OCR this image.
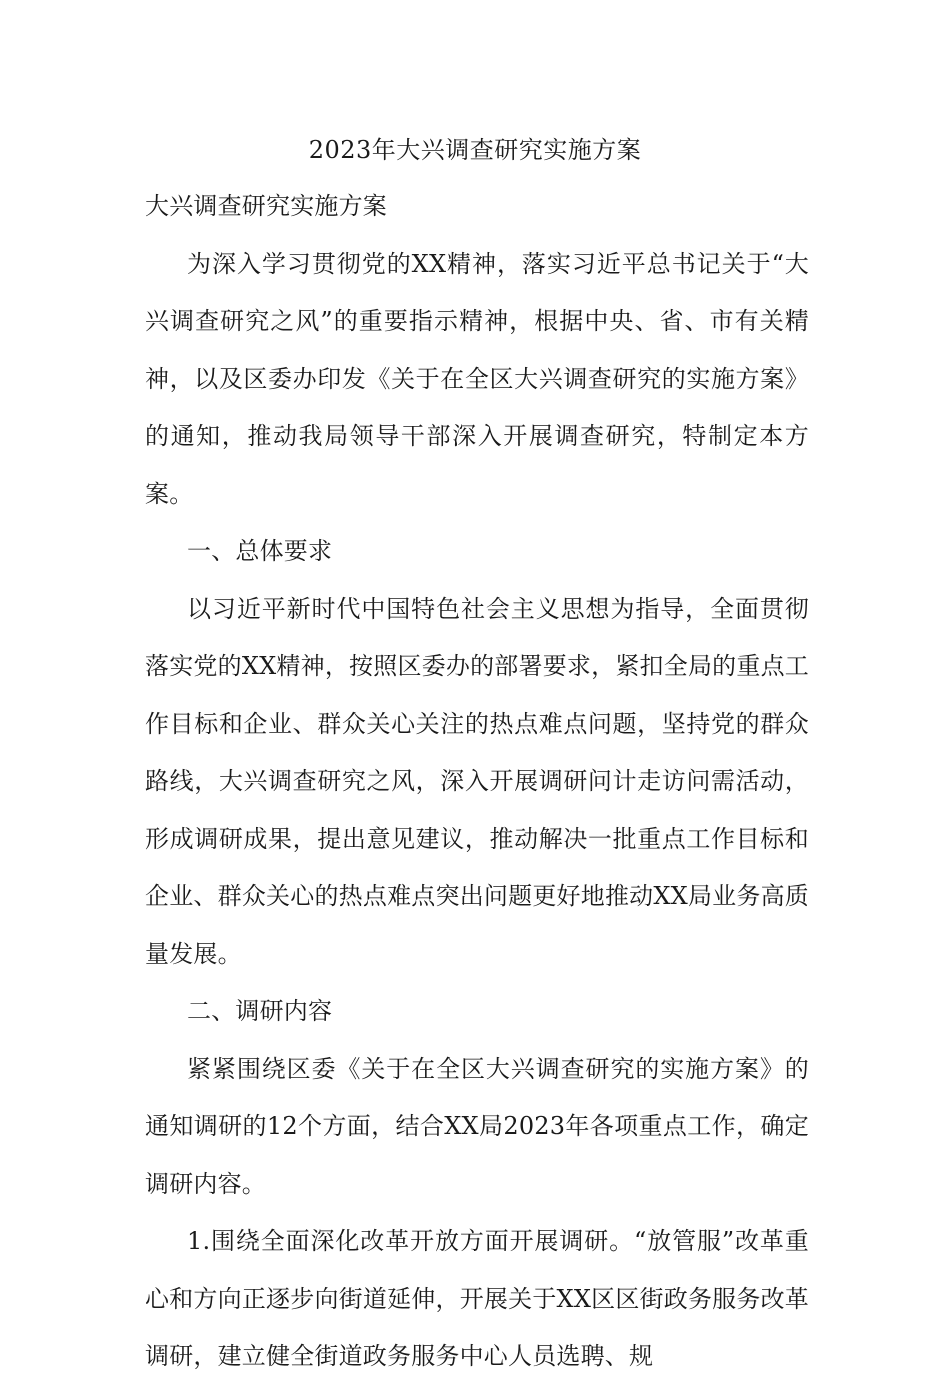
2023年大兴调查研究实施方案

大兴调查研究实施方案

为深入学习贯彻党的XX精神，落实习近平总书记关于“大兴调查研究之风”的重要指示精神，根据中央、省、市有关精神，以及区委办印发《关于在全区大兴调查研究的实施方案》的通知，推动我局领导干部深入开展调查研究，特制定本方案。

一、总体要求

以习近平新时代中国特色社会主义思想为指导，全面贯彻落实党的XX精神，按照区委办的部署要求，紧扣全局的重点工作目标和企业、群众关心关注的热点难点问题，坚持党的群众路线，大兴调查研究之风，深入开展调研问计走访问需活动，形成调研成果，提出意见建议，推动解决一批重点工作目标和企业、群众关心的热点难点突出问题更好地推动XX局业务高质量发展。

二、调研内容

紧紧围绕区委《关于在全区大兴调查研究的实施方案》的通知调研的12个方面，结合XX局2023年各项重点工作，确定调研内容。

1.围绕全面深化改革开放方面开展调研。“放管服”改革重心和方向正逐步向街道延伸，开展关于XX区区街政务服务改革调研，建立健全街道政务服务中心人员选聘、规
